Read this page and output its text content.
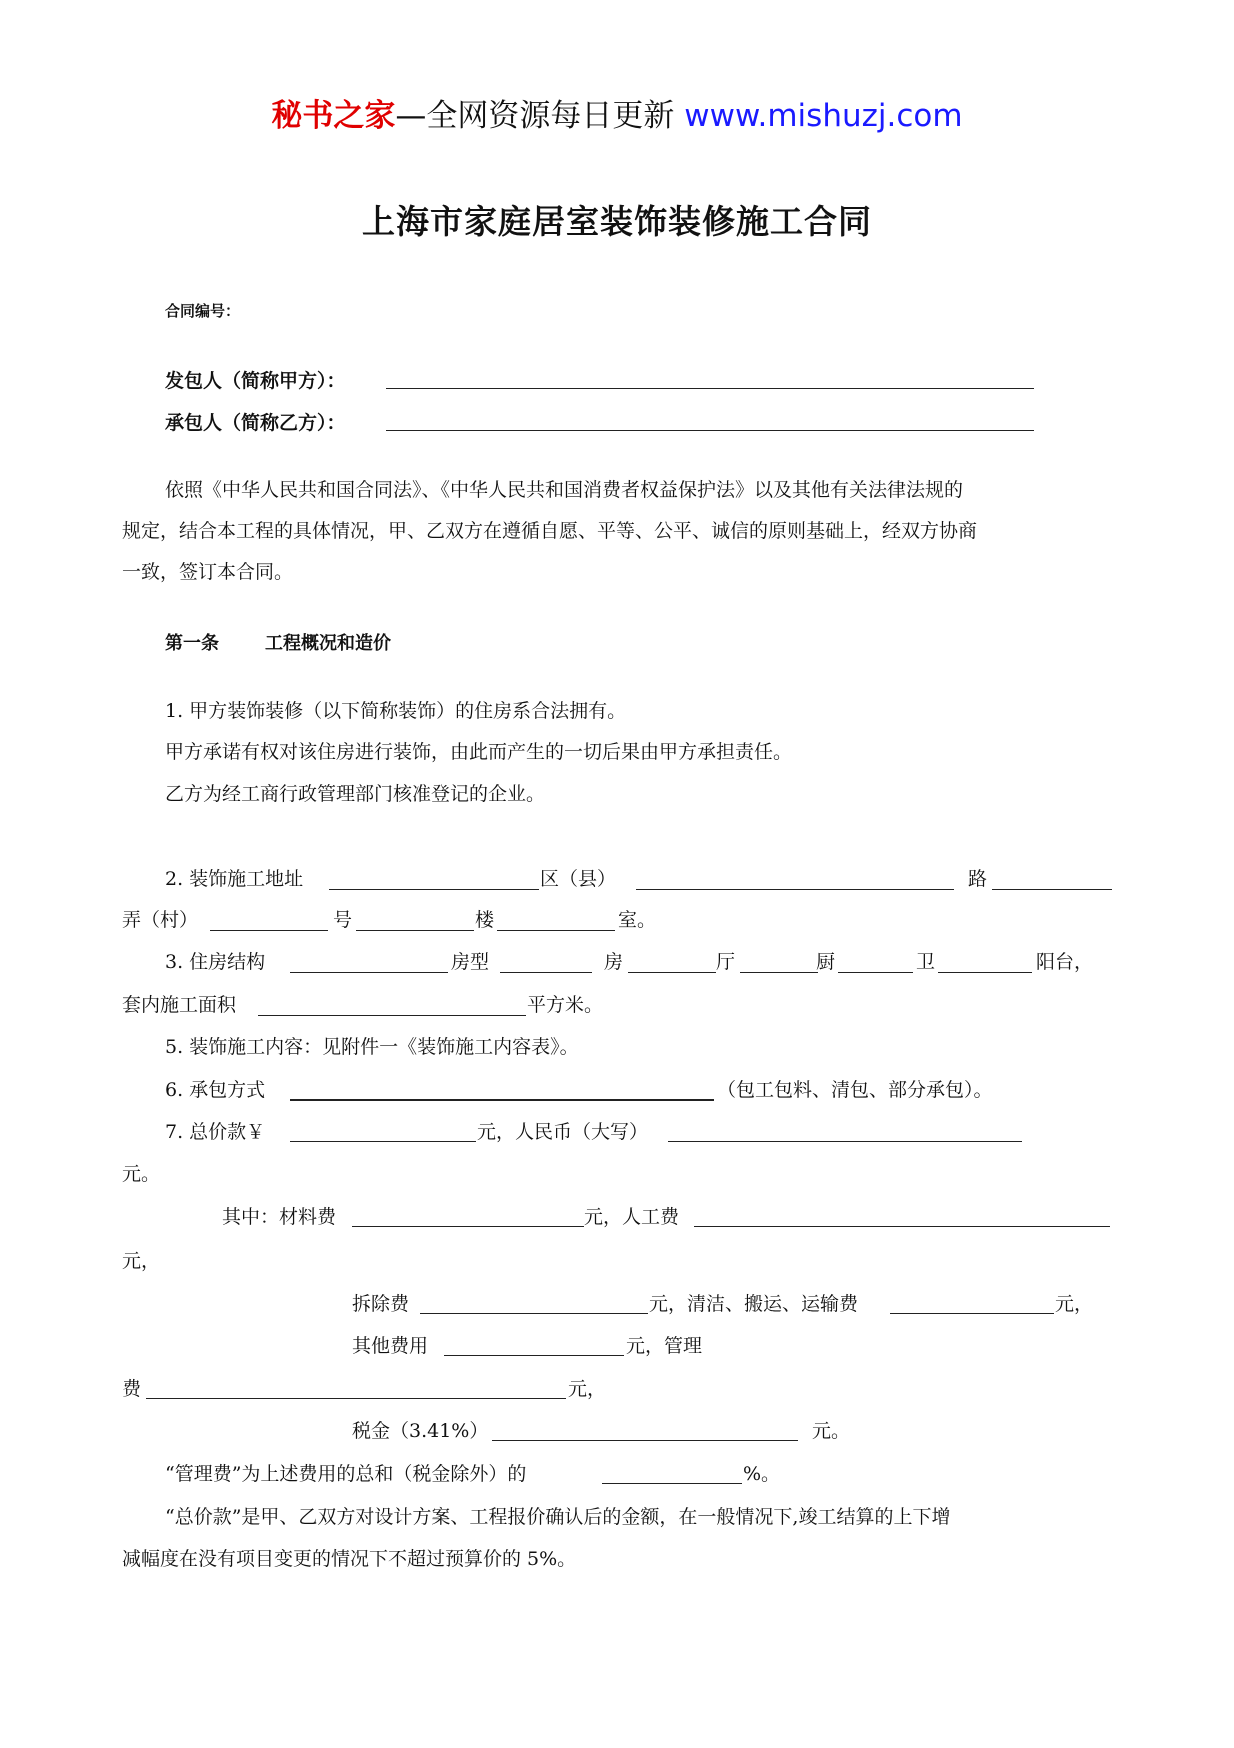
秘书之家—全网资源每日更新 www.mishuzj.com
上海市家庭居室装饰装修施工合同
合同编号：
发包人（简称甲方）：
承包人（简称乙方）：
依照《中华人民共和国合同法》、《中华人民共和国消费者权益保护法》以及其他有关法律法规的
规定，结合本工程的具体情况，甲、乙双方在遵循自愿、平等、公平、诚信的原则基础上，经双方协商
一致，签订本合同。
第一条	工程概况和造价
1. 甲方装饰装修（以下简称装饰）的住房系合法拥有。
甲方承诺有权对该住房进行装饰，由此而产生的一切后果由甲方承担责任。
乙方为经工商行政管理部门核准登记的企业。
2. 装饰施工地址	区（县）	路
弄（村）	号	楼	室。
3. 住房结构	房型	房	厅	厨	卫	阳台，
套内施工面积	平方米。
5. 装饰施工内容：见附件一《装饰施工内容表》。
6. 承包方式	（包工包料、清包、部分承包）。
7. 总价款￥	元，人民币（大写）
元。
其中：材料费	元，人工费
元，
拆除费	元，清洁、搬运、运输费	元，
其他费用	元，管理
费	元，
税金（3.41%）	元。
“管理费”为上述费用的总和（税金除外）的	%。
“总价款”是甲、乙双方对设计方案、工程报价确认后的金额，在一般情况下,竣工结算的上下增
减幅度在没有项目变更的情况下不超过预算价的 5%。
